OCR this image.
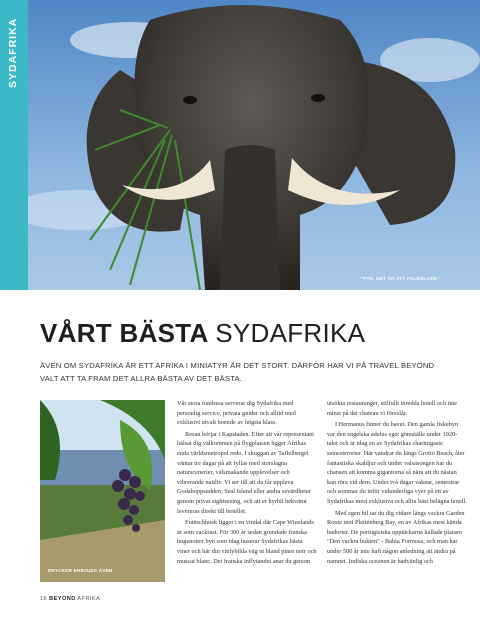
SYDAFRIKA
"FYS, DET ÄR ATT PALMBLADE"
VÅRT BÄSTA SYDAFRIKA

ÄVEN OM SYDAFRIKA ÄR ETT AFRIKA I MINIATYR ÄR DET STORT. DÄRFÖR HAR VI PÅ TRAVEL BEYOND VALT ATT TA FRAM DET ALLRA BÄSTA AV DET BÄSTA.

DRYCKER ERBJUDS ÄVEN

Vår stora rundresa serverar dig Sydafrika med personlig service, privata guider och alltid med exklusivt utvalt boende av högsta klass.

Resan börjar i Kapstaden. Efter att vår representant hälsat dig välkommen på flygplatsen ligger Afrikas enda världsmetropol redo. I skuggan av Taffelberget väntar tre dagar på att fyllas med storslagna naturscenerier, välsmakande upplevelser och vibrerande nattliv. Vi ser till att du får uppleva Godahoppsudden, Seal Island eller andra sevärdheter genom privat sightseeing, och att er hyrbil bekvämt levereras direkt till hotellet.

Franschhoek ligger i en vindal där Cape Winelands är som vackrast. För 300 år sedan grundade franska hugenotter byn som idag huserar Sydafrikas bästa viner och här din vinlybilda väg ut bland pinot noir och muscat blanc. Det franska inflytandet anar du genom

utsökta restauranger, stilfullt inredda hotell och inte minst på det chateau vi föreslår.

I Hermanus finner du havet. Den gamla fiskebyn var den engelska adelns eget gömställe under 1920-talet och är idag en av Sydafrikas charmigaste semesterorter. Här vandrar du längs Grotto Beach, åter fantastiska skaldjur och under valsäsongen har du chansen att komma gigantorna så nära att du nästan kan röra vid dem. Under två dagar vaknar, semestrar och sommar du inför vidunderliga vyer på ett av Sydafrikas mest exklusiva och allra bäst belägna hotell.

Med egen bil tar du dig vidare längs vackra Garden Route mot Plettenberg Bay, en av Afrikas mest kända badorter. De portugisiska upptäckarna kallade platsen "Den vackra bukten" - Bahia Formosa, och man har under 500 år inte haft någon anledning att ändra på namnet. Indiska oceanen är badvänlig och

16 BEYOND AFRIKA
